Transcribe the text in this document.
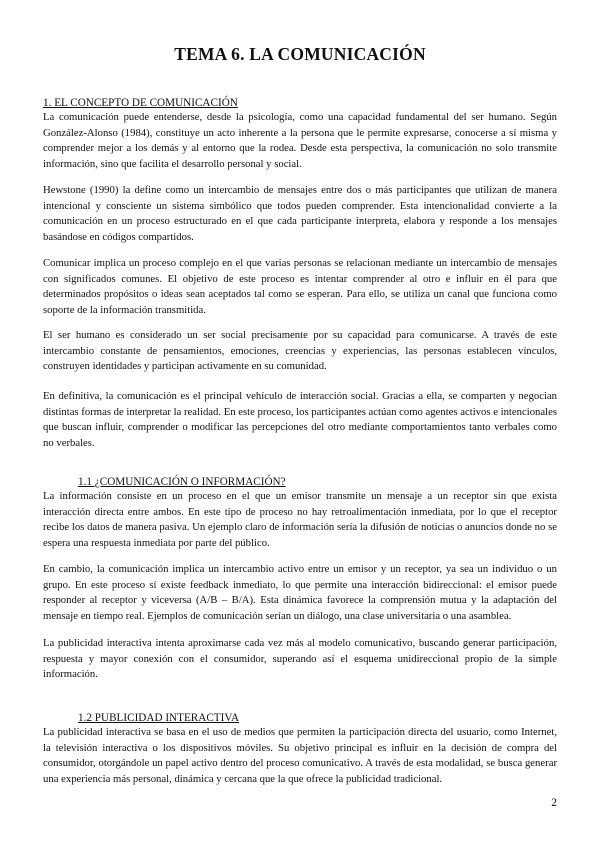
TEMA 6. LA COMUNICACIÓN
1. EL CONCEPTO DE COMUNICACIÓN

La comunicación puede entenderse, desde la psicología, como una capacidad fundamental del ser humano. Según González-Alonso (1984), constituye un acto inherente a la persona que le permite expresarse, conocerse a sí misma y comprender mejor a los demás y al entorno que la rodea. Desde esta perspectiva, la comunicación no solo transmite información, sino que facilita el desarrollo personal y social.

Hewstone (1990) la define como un intercambio de mensajes entre dos o más participantes que utilizan de manera intencional y consciente un sistema simbólico que todos pueden comprender. Esta intencionalidad convierte a la comunicación en un proceso estructurado en el que cada participante interpreta, elabora y responde a los mensajes basándose en códigos compartidos.

Comunicar implica un proceso complejo en el que varias personas se relacionan mediante un intercambio de mensajes con significados comunes. El objetivo de este proceso es intentar comprender al otro e influir en él para que determinados propósitos o ideas sean aceptados tal como se esperan. Para ello, se utiliza un canal que funciona como soporte de la información transmitida.

El ser humano es considerado un ser social precisamente por su capacidad para comunicarse. A través de este intercambio constante de pensamientos, emociones, creencias y experiencias, las personas establecen vínculos, construyen identidades y participan activamente en su comunidad.

En definitiva, la comunicación es el principal vehículo de interacción social. Gracias a ella, se comparten y negocian distintas formas de interpretar la realidad. En este proceso, los participantes actúan como agentes activos e intencionales que buscan influir, comprender o modificar las percepciones del otro mediante comportamientos tanto verbales como no verbales.

1.1 ¿COMUNICACIÓN O INFORMACIÓN?

La información consiste en un proceso en el que un emisor transmite un mensaje a un receptor sin que exista interacción directa entre ambos. En este tipo de proceso no hay retroalimentación inmediata, por lo que el receptor recibe los datos de manera pasiva. Un ejemplo claro de información sería la difusión de noticias o anuncios donde no se espera una respuesta inmediata por parte del público.

En cambio, la comunicación implica un intercambio activo entre un emisor y un receptor, ya sea un individuo o un grupo. En este proceso sí existe feedback inmediato, lo que permite una interacción bidireccional: el emisor puede responder al receptor y viceversa (A/B – B/A). Esta dinámica favorece la comprensión mutua y la adaptación del mensaje en tiempo real. Ejemplos de comunicación serían un diálogo, una clase universitaria o una asamblea.

La publicidad interactiva intenta aproximarse cada vez más al modelo comunicativo, buscando generar participación, respuesta y mayor conexión con el consumidor, superando así el esquema unidireccional propio de la simple información.

1.2 PUBLICIDAD INTERACTIVA

La publicidad interactiva se basa en el uso de medios que permiten la participación directa del usuario, como Internet, la televisión interactiva o los dispositivos móviles. Su objetivo principal es influir en la decisión de compra del consumidor, otorgándole un papel activo dentro del proceso comunicativo. A través de esta modalidad, se busca generar una experiencia más personal, dinámica y cercana que la que ofrece la publicidad tradicional.

2
